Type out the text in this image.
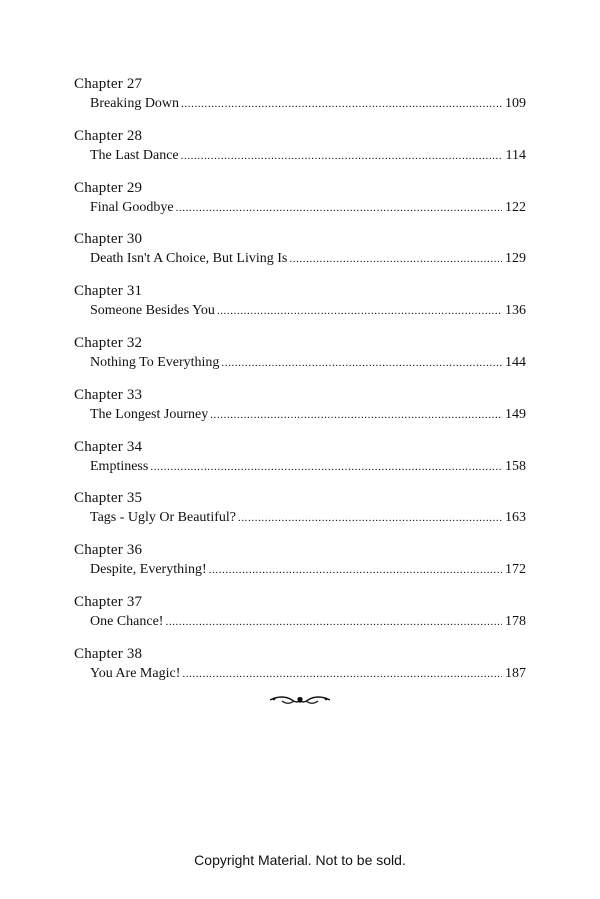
Chapter 27
Breaking Down .....	109
Chapter 28
The Last Dance .....	114
Chapter 29
Final Goodbye .....	122
Chapter 30
Death Isn't A Choice, But Living Is .....	129
Chapter 31
Someone Besides You .....	136
Chapter 32
Nothing To Everything .....	144
Chapter 33
The Longest Journey .....	149
Chapter 34
Emptiness .....	158
Chapter 35
Tags - Ugly Or Beautiful? .....	163
Chapter 36
Despite, Everything! .....	172
Chapter 37
One Chance! .....	178
Chapter 38
You Are Magic! .....	187
Copyright Material. Not to be sold.
